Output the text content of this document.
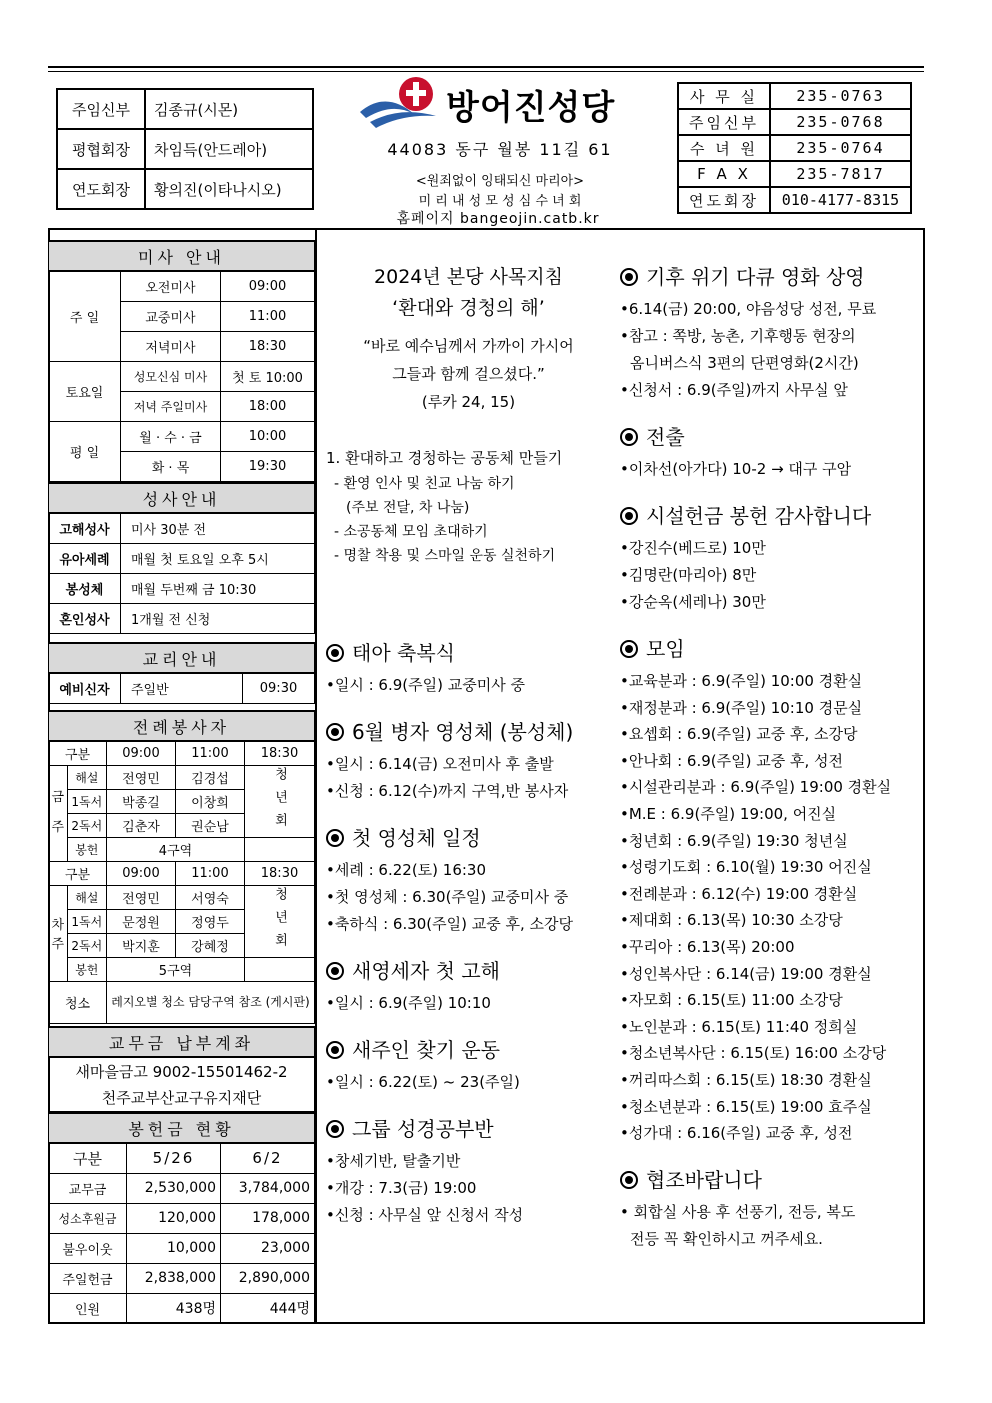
주임신부	김종규(시몬)
평협회장	차임득(안드레아)
연도회장	황의진(이타나시오)
방어진성당
44083 동구 월봉 11길 61
<원죄없이 잉태되신 마리아>
미 리 내 성 모 성 심 수 녀 회
홈페이지 bangeojin.catb.kr
사 무 실	235-0763
주임신부	235-0768
수 녀 원	235-0764
F A X	235-7817
연도회장	010-4177-8315
미사 안내		
주 일	오전미사	09:00
	교중미사	11:00
	저녁미사	18:30
토요일	성모신심 미사	첫 토 10:00
	저녁 주일미사	18:00
평 일	월 · 수 · 금	10:00
	화 · 목	19:30
성사안내	
고해성사	미사 30분 전
유아세례	매월 첫 토요일 오후 5시
봉성체	매월 두번째 금 10:30
혼인성사	1개월 전 신청
교리안내
예비신자	주일반	09:30
전례봉사자				
구분		09:00	11:00	18:30
금주	해설	전영민	김경섭	청년회
	1독서	박종길	이창희	
	2독서	김춘자	권순남	
	봉헌	4구역		
구분		09:00	11:00	18:30
차주	해설	전영민	서영숙	청년회
	1독서	문정원	정영두	
	2독서	박지훈	강혜정	
	봉헌	5구역		
청소		레지오별 청소 담당구역 참조 (게시판)		
교무금 납부계좌
새마을금고 9002-15501462-2
천주교부산교구유지재단
봉헌금 현황		
구분	5/26	6/2
교무금	2,530,000	3,784,000
성소후원금	120,000	178,000
불우이웃	10,000	23,000
주일헌금	2,838,000	2,890,000
인원	438명	444명
2024년 본당 사목지침
‘환대와 경청의 해’
“바로 예수님께서 가까이 가시어
그들과 함께 걸으셨다.”
(루카 24, 15)
1. 환대하고 경청하는 공동체 만들기
- 환영 인사 및 친교 나눔 하기
(주보 전달, 차 나눔)
- 소공동체 모임 초대하기
- 명찰 착용 및 스마일 운동 실천하기
태아 축복식
•일시 : 6.9(주일) 교중미사 중
6월 병자 영성체 (봉성체)
•일시 : 6.14(금) 오전미사 후 출발
•신청 : 6.12(수)까지 구역,반 봉사자
첫 영성체 일정
•세례 : 6.22(토) 16:30
•첫 영성체 : 6.30(주일) 교중미사 중
•축하식 : 6.30(주일) 교중 후, 소강당
새영세자 첫 고해
•일시 : 6.9(주일) 10:10
새주인 찾기 운동
•일시 : 6.22(토) ~ 23(주일)
그룹 성경공부반
•창세기반, 탈출기반
•개강 : 7.3(금) 19:00
•신청 : 사무실 앞 신청서 작성
기후 위기 다큐 영화 상영
•6.14(금) 20:00, 야음성당 성전, 무료
•참고 : 쪽방, 농촌, 기후행동 현장의
옴니버스식 3편의 단편영화(2시간)
•신청서 : 6.9(주일)까지 사무실 앞
전출
•이차선(아가다) 10-2 → 대구 구암
시설헌금 봉헌 감사합니다
•강진수(베드로) 10만
•김명란(마리아) 8만
•강순옥(세레나) 30만
모임
•교육분과 : 6.9(주일) 10:00 경환실
•재정분과 : 6.9(주일) 10:10 경문실
•요셉회 : 6.9(주일) 교중 후, 소강당
•안나회 : 6.9(주일) 교중 후, 성전
•시설관리분과 : 6.9(주일) 19:00 경환실
•M.E : 6.9(주일) 19:00, 어진실
•청년회 : 6.9(주일) 19:30 청년실
•성령기도회 : 6.10(월) 19:30 어진실
•전례분과 : 6.12(수) 19:00 경환실
•제대회 : 6.13(목) 10:30 소강당
•꾸리아 : 6.13(목) 20:00
•성인복사단 : 6.14(금) 19:00 경환실
•자모회 : 6.15(토) 11:00 소강당
•노인분과 : 6.15(토) 11:40 정희실
•청소년복사단 : 6.15(토) 16:00 소강당
•꺼리따스회 : 6.15(토) 18:30 경환실
•청소년분과 : 6.15(토) 19:00 효주실
•성가대 : 6.16(주일) 교중 후, 성전
협조바랍니다
• 회합실 사용 후 선풍기, 전등, 복도
전등 꼭 확인하시고 꺼주세요.
